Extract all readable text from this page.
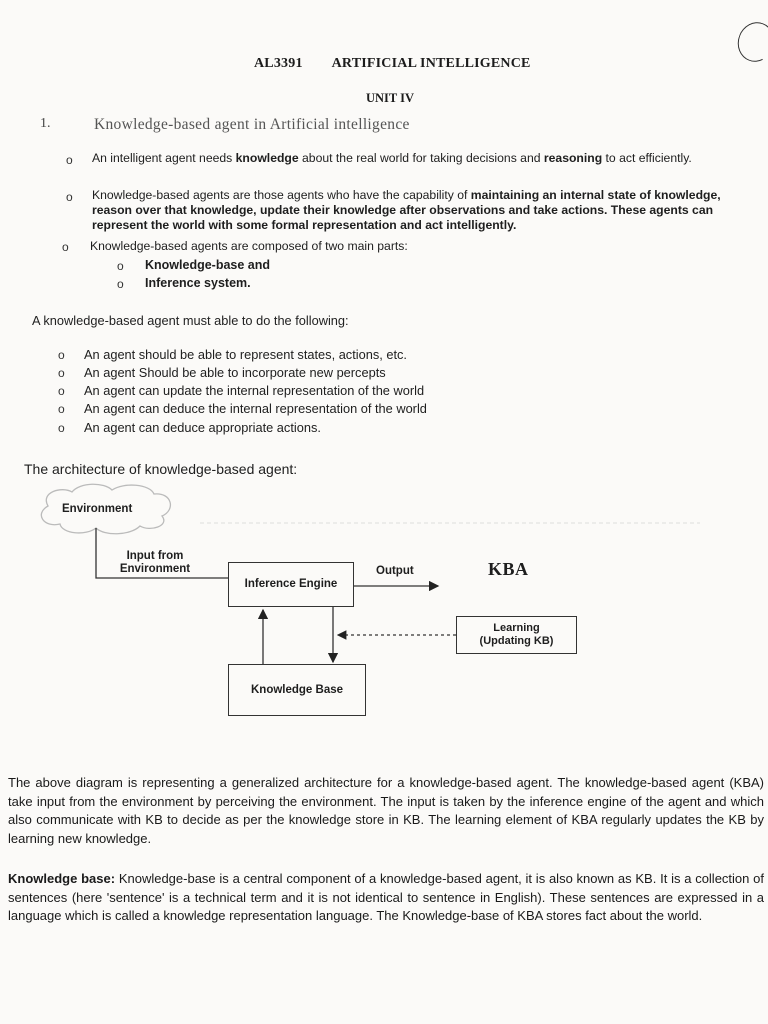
AL3391 ARTIFICIAL INTELLIGENCE
UNIT IV
1.	Knowledge-based agent in Artificial intelligence
o An intelligent agent needs knowledge about the real world for taking decisions and reasoning to act efficiently.
o Knowledge-based agents are those agents who have the capability of maintaining an internal state of knowledge, reason over that knowledge, update their knowledge after observations and take actions. These agents can represent the world with some formal representation and act intelligently.
o Knowledge-based agents are composed of two main parts:
o Knowledge-base and
o Inference system.
A knowledge-based agent must able to do the following:
o An agent should be able to represent states, actions, etc.
o An agent Should be able to incorporate new percepts
o An agent can update the internal representation of the world
o An agent can deduce the internal representation of the world
o An agent can deduce appropriate actions.
The architecture of knowledge-based agent:
Environment
Input from
Environment
Inference Engine
Output	KBA
Learning
(Updating KB)
Knowledge Base
The above diagram is representing a generalized architecture for a knowledge-based agent. The knowledge-based agent (KBA) take input from the environment by perceiving the environment. The input is taken by the inference engine of the agent and which also communicate with KB to decide as per the knowledge store in KB. The learning element of KBA regularly updates the KB by learning new knowledge.
Knowledge base: Knowledge-base is a central component of a knowledge-based agent, it is also known as KB. It is a collection of sentences (here 'sentence' is a technical term and it is not identical to sentence in English). These sentences are expressed in a language which is called a knowledge representation language. The Knowledge-base of KBA stores fact about the world.
